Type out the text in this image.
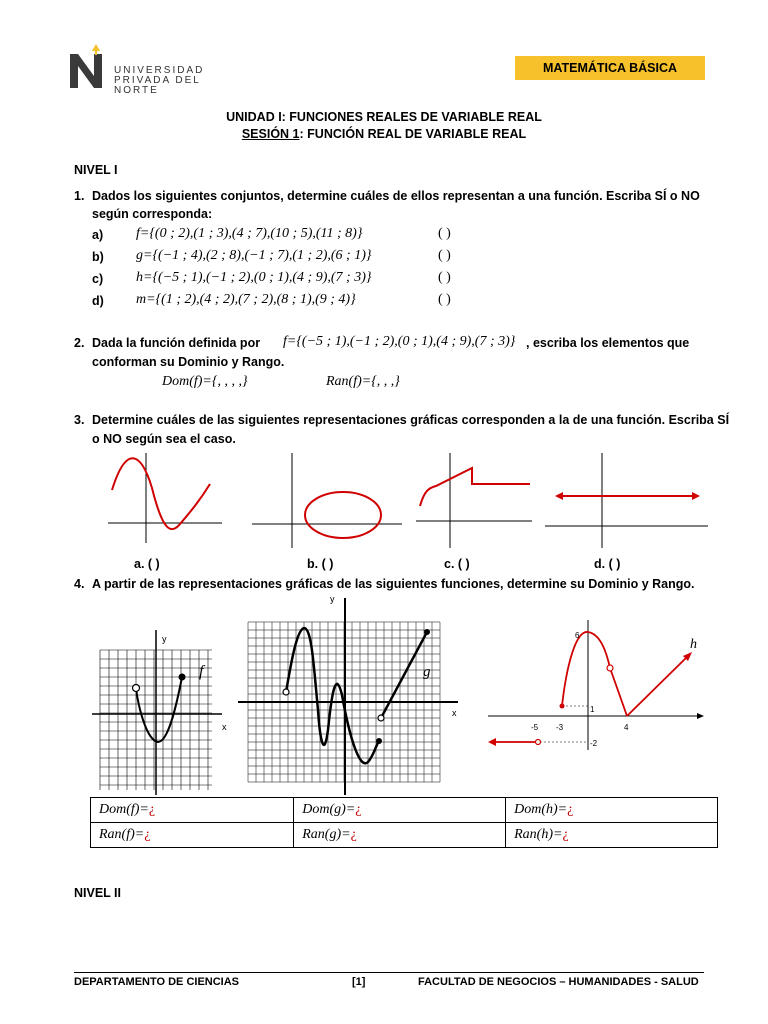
UNIVERSIDAD
PRIVADA DEL NORTE
MATEMÁTICA BÁSICA
UNIDAD I: FUNCIONES REALES DE VARIABLE REAL
SESIÓN 1: FUNCIÓN REAL DE VARIABLE REAL
NIVEL I
1. Dados los siguientes conjuntos, determine cuáles de ellos representan a una función. Escriba SÍ o NO
según corresponda:
a) f={(0 ; 2),(1 ; 3),(4 ; 7),(10 ; 5),(11 ; 8)}	( )
b) g={(−1 ; 4),(2 ; 8),(−1 ; 7),(1 ; 2),(6 ; 1)}	( )
c) h={(−5 ; 1),(−1 ; 2),(0 ; 1),(4 ; 9),(7 ; 3)}	( )
d) m={(1 ; 2),(4 ; 2),(7 ; 2),(8 ; 1),(9 ; 4)}	( )
2. Dada la función definida por f={(−5 ; 1),(−1 ; 2),(0 ; 1),(4 ; 9),(7 ; 3)} , escriba los elementos que
conforman su Dominio y Rango.
Dom(f)={, , , ,}	Ran(f)={, , ,}
3. Determine cuáles de las siguientes representaciones gráficas corresponden a la de una función. Escriba SÍ
o NO según sea el caso.
a. ( )	b. ( )	c. ( )	d. ( )
4. A partir de las representaciones gráficas de las siguientes funciones, determine su Dominio y Rango.
f
x
y
g
x
y
h
6
1
-5 -3	4
-2
Dom(f)=¿	Dom(g)=¿	Dom(h)=¿
Ran(f)=¿	Ran(g)=¿	Ran(h)=¿
NIVEL II
DEPARTAMENTO DE CIENCIAS	[1]	FACULTAD DE NEGOCIOS – HUMANIDADES - SALUD
